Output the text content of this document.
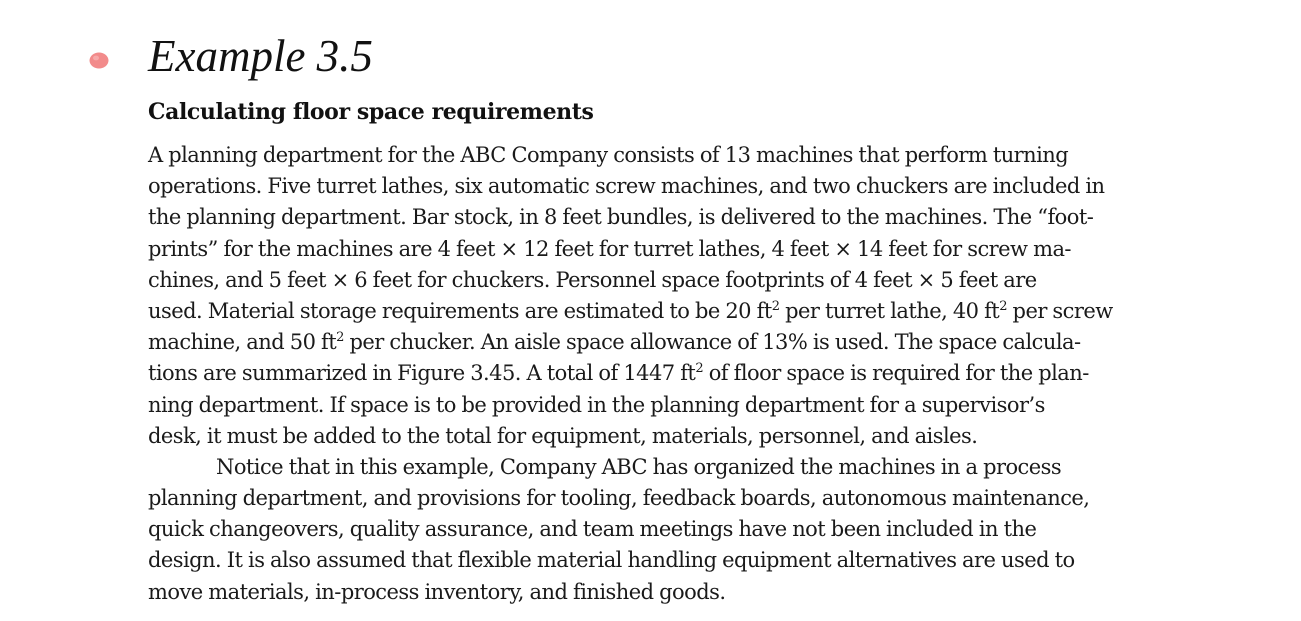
Example 3.5
Calculating floor space requirements
A planning department for the ABC Company consists of 13 machines that perform turning
operations. Five turret lathes, six automatic screw machines, and two chuckers are included in
the planning department. Bar stock, in 8 feet bundles, is delivered to the machines. The “foot-
prints” for the machines are 4 feet × 12 feet for turret lathes, 4 feet × 14 feet for screw ma-
chines, and 5 feet × 6 feet for chuckers. Personnel space footprints of 4 feet × 5 feet are
used. Material storage requirements are estimated to be 20 $ft^2$ per turret lathe, 40 $ft^2$ per screw
machine, and 50 $ft^2$ per chucker. An aisle space allowance of 13% is used. The space calcula-
tions are summarized in Figure 3.45. A total of 1447 $ft^2$ of floor space is required for the plan-
ning department. If space is to be provided in the planning department for a supervisor’s
desk, it must be added to the total for equipment, materials, personnel, and aisles.
Notice that in this example, Company ABC has organized the machines in a process
planning department, and provisions for tooling, feedback boards, autonomous maintenance,
quick changeovers, quality assurance, and team meetings have not been included in the
design. It is also assumed that flexible material handling equipment alternatives are used to
move materials, in-process inventory, and finished goods.
